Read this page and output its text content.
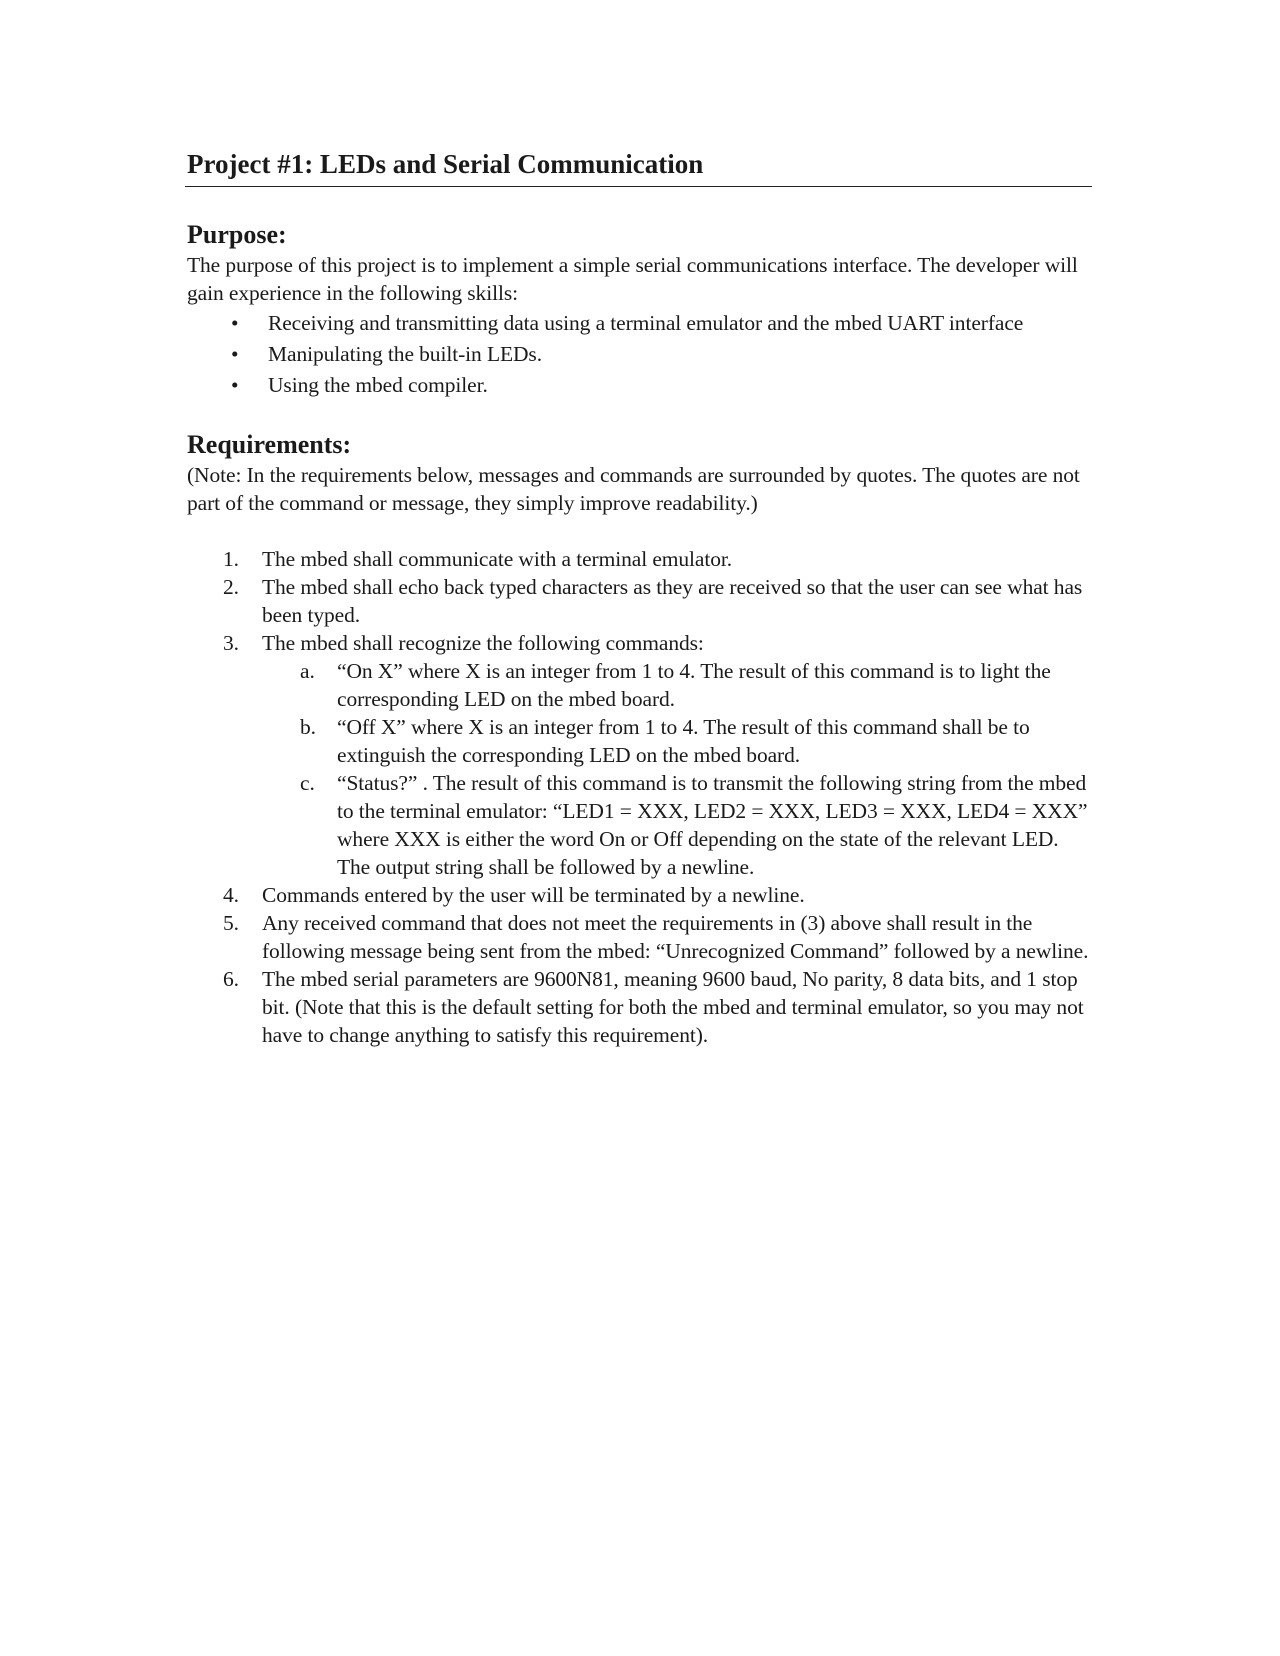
Project #1: LEDs and Serial Communication
Purpose:

The purpose of this project is to implement a simple serial communications interface. The developer will gain experience in the following skills:

• Receiving and transmitting data using a terminal emulator and the mbed UART interface
• Manipulating the built-in LEDs.
• Using the mbed compiler.
Requirements:

(Note: In the requirements below, messages and commands are surrounded by quotes. The quotes are not part of the command or message, they simply improve readability.)

1.	The mbed shall communicate with a terminal emulator.
2.	The mbed shall echo back typed characters as they are received so that the user can see what has been typed.
3.	The mbed shall recognize the following commands:
a. “On X” where X is an integer from 1 to 4. The result of this command is to light the corresponding LED on the mbed board.
b. “Off X” where X is an integer from 1 to 4. The result of this command shall be to extinguish the corresponding LED on the mbed board.
c. “Status?” . The result of this command is to transmit the following string from the mbed to the terminal emulator: “LED1 = XXX, LED2 = XXX, LED3 = XXX, LED4 = XXX” where XXX is either the word On or Off depending on the state of the relevant LED. The output string shall be followed by a newline.
4.	Commands entered by the user will be terminated by a newline.
5.	Any received command that does not meet the requirements in (3) above shall result in the following message being sent from the mbed: “Unrecognized Command” followed by a newline.
6.	The mbed serial parameters are 9600N81, meaning 9600 baud, No parity, 8 data bits, and 1 stop bit. (Note that this is the default setting for both the mbed and terminal emulator, so you may not have to change anything to satisfy this requirement).
